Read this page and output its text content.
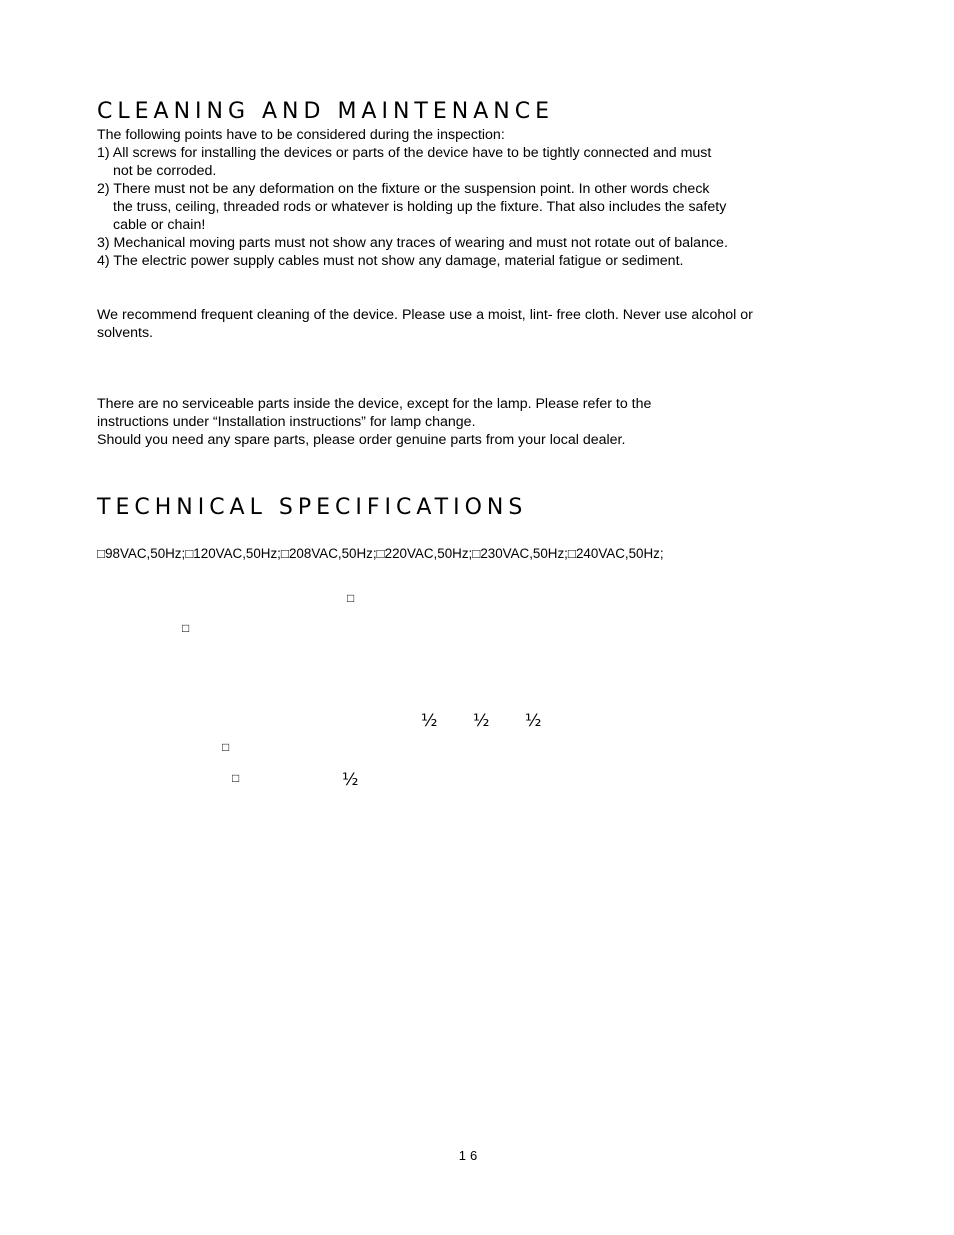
CLEANING AND MAINTENANCE
The following points have to be considered during the inspection:
1) All screws for installing the devices or parts of the device have to be tightly connected and must
not be corroded.
2) There must not be any deformation on the fixture or the suspension point. In other words check
the truss, ceiling, threaded rods or whatever is holding up the fixture. That also includes the safety
cable or chain!
3) Mechanical moving parts must not show any traces of wearing and must not rotate out of balance.
4) The electric power supply cables must not show any damage, material fatigue or sediment.
We recommend frequent cleaning of the device. Please use a moist, lint- free cloth. Never use alcohol or
solvents.
There are no serviceable parts inside the device, except for the lamp. Please refer to the
instructions under “Installation instructions” for lamp change.
Should you need any spare parts, please order genuine parts from your local dealer.
TECHNICAL SPECIFICATIONS
□98VAC,50Hz;□120VAC,50Hz;□208VAC,50Hz;□220VAC,50Hz;□230VAC,50Hz;□240VAC,50Hz;
□
□
½ ½ ½
□
□	½
16
